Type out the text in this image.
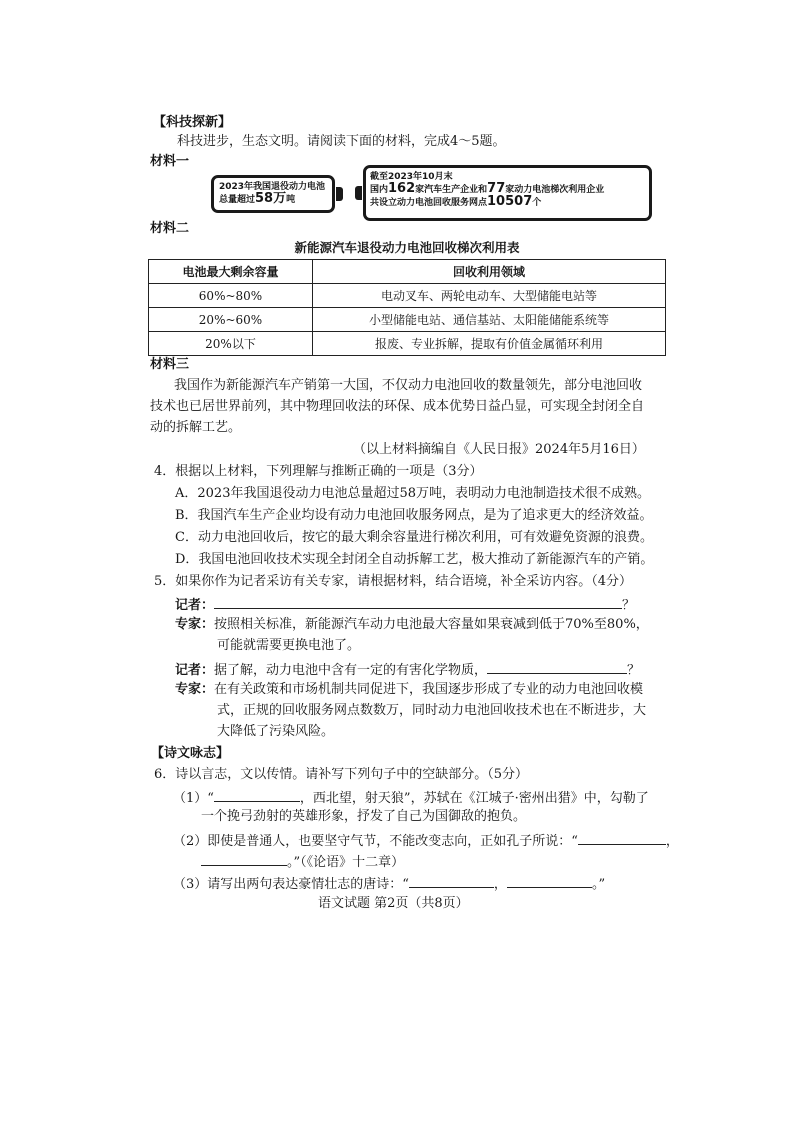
【科技探新】
科技进步，生态文明。请阅读下面的材料，完成4～5题。
材料一
2023年我国退役动力电池
总量超过58万吨
截至2023年10月末
国内162家汽车生产企业和77家动力电池梯次利用企业
共设立动力电池回收服务网点10507个
材料二
新能源汽车退役动力电池回收梯次利用表
电池最大剩余容量	回收利用领域
60%~80%	电动叉车、两轮电动车、大型储能电站等
20%~60%	小型储能电站、通信基站、太阳能储能系统等
20%以下	报废、专业拆解，提取有价值金属循环利用
材料三
我国作为新能源汽车产销第一大国，不仅动力电池回收的数量领先，部分电池回收
技术也已居世界前列，其中物理回收法的环保、成本优势日益凸显，可实现全封闭全自
动的拆解工艺。
（以上材料摘编自《人民日报》2024年5月16日）
4．根据以上材料，下列理解与推断正确的一项是（3分）
A．2023年我国退役动力电池总量超过58万吨，表明动力电池制造技术很不成熟。
B．我国汽车生产企业均设有动力电池回收服务网点，是为了追求更大的经济效益。
C．动力电池回收后，按它的最大剩余容量进行梯次利用，可有效避免资源的浪费。
D．我国电池回收技术实现全封闭全自动拆解工艺，极大推动了新能源汽车的产销。
5．如果你作为记者采访有关专家，请根据材料，结合语境，补全采访内容。（4分）
记者：	？
专家：按照相关标准，新能源汽车动力电池最大容量如果衰减到低于70%至80%，
可能就需要更换电池了。
记者：据了解，动力电池中含有一定的有害化学物质，	？
专家：在有关政策和市场机制共同促进下，我国逐步形成了专业的动力电池回收模
式，正规的回收服务网点数数万，同时动力电池回收技术也在不断进步，大
大降低了污染风险。
【诗文咏志】
6．诗以言志，文以传情。请补写下列句子中的空缺部分。（5分）
（1）“	，西北望，射天狼”，苏轼在《江城子·密州出猎》中，勾勒了
一个挽弓劲射的英雄形象，抒发了自己为国御敌的抱负。
（2）即使是普通人，也要坚守气节，不能改变志向，正如孔子所说：“	，
。”（《论语》十二章）
（3）请写出两句表达豪情壮志的唐诗：“	，	。”
语文试题 第2页（共8页）
